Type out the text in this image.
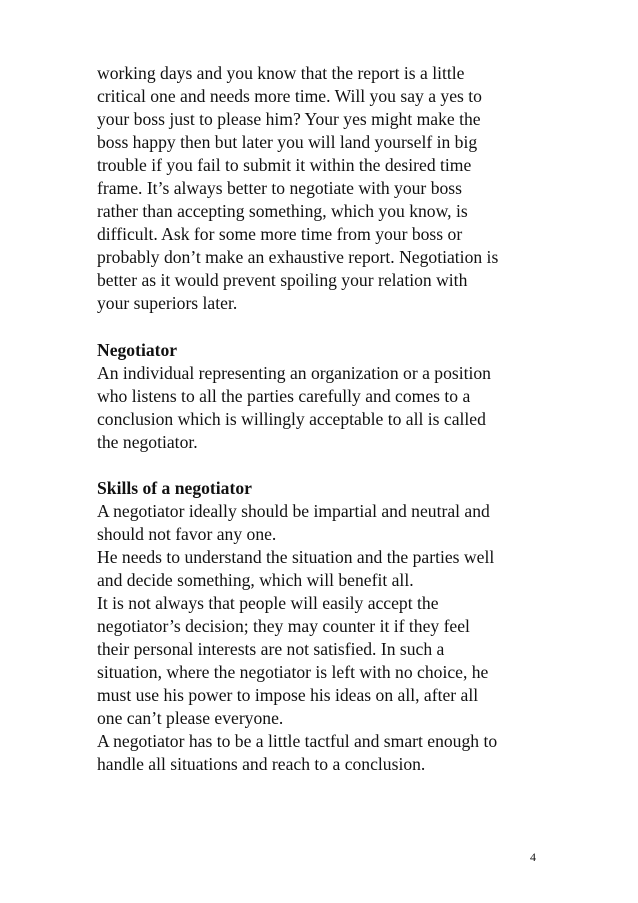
working days and you know that the report is a little
critical one and needs more time. Will you say a yes to
your boss just to please him? Your yes might make the
boss happy then but later you will land yourself in big
trouble if you fail to submit it within the desired time
frame. It’s always better to negotiate with your boss
rather than accepting something, which you know, is
difficult. Ask for some more time from your boss or
probably don’t make an exhaustive report. Negotiation is
better as it would prevent spoiling your relation with
your superiors later.
Negotiator
An individual representing an organization or a position
who listens to all the parties carefully and comes to a
conclusion which is willingly acceptable to all is called
the negotiator.
Skills of a negotiator
A negotiator ideally should be impartial and neutral and
should not favor any one.
He needs to understand the situation and the parties well
and decide something, which will benefit all.
It is not always that people will easily accept the
negotiator’s decision; they may counter it if they feel
their personal interests are not satisfied. In such a
situation, where the negotiator is left with no choice, he
must use his power to impose his ideas on all, after all
one can’t please everyone.
A negotiator has to be a little tactful and smart enough to
handle all situations and reach to a conclusion.
4
